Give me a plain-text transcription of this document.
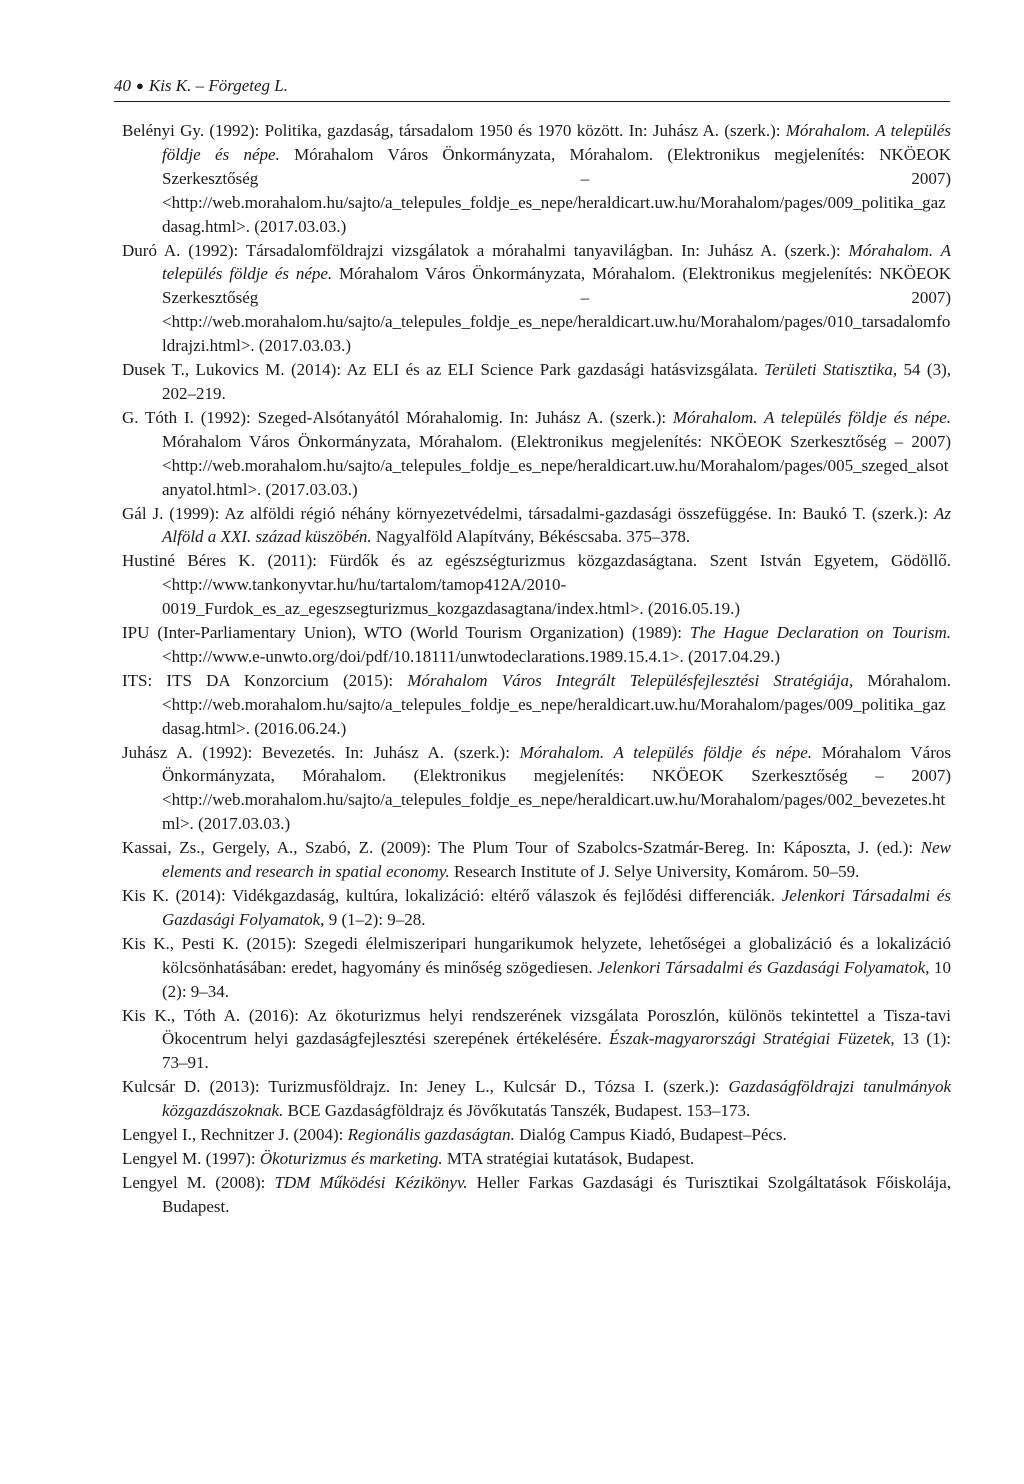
40 ● Kis K. – Förgeteg L.

Belényi Gy. (1992): Politika, gazdaság, társadalom 1950 és 1970 között. In: Juhász A. (szerk.): Mórahalom. A település földje és népe. Mórahalom Város Önkormányzata, Mórahalom. (Elektronikus megjelenítés: NKÖEOK Szerkesztőség – 2007) <http://web.morahalom.hu/sajto/a_telepules_foldje_es_nepe/heraldicart.uw.hu/Morahalom/pages/009_politika_gazdasag.html>. (2017.03.03.)

Duró A. (1992): Társadalomföldrajzi vizsgálatok a mórahalmi tanyavilágban. In: Juhász A. (szerk.): Mórahalom. A település földje és népe. Mórahalom Város Önkormányzata, Mórahalom. (Elektronikus megjelenítés: NKÖEOK Szerkesztőség – 2007) <http://web.morahalom.hu/sajto/a_telepules_foldje_es_nepe/heraldicart.uw.hu/Morahalom/pages/010_tarsadalomfoldrajzi.html>. (2017.03.03.)

Dusek T., Lukovics M. (2014): Az ELI és az ELI Science Park gazdasági hatásvizsgálata. Területi Statisztika, 54 (3), 202–219.

G. Tóth I. (1992): Szeged-Alsótanyától Mórahalomig. In: Juhász A. (szerk.): Mórahalom. A település földje és népe. Mórahalom Város Önkormányzata, Mórahalom. (Elektronikus megjelenítés: NKÖEOK Szerkesztőség – 2007) <http://web.morahalom.hu/sajto/a_telepules_foldje_es_nepe/heraldicart.uw.hu/Morahalom/pages/005_szeged_alsotanyatol.html>. (2017.03.03.)

Gál J. (1999): Az alföldi régió néhány környezetvédelmi, társadalmi-gazdasági összefüggése. In: Baukó T. (szerk.): Az Alföld a XXI. század küszöbén. Nagyalföld Alapítvány, Békéscsaba. 375–378.

Hustiné Béres K. (2011): Fürdők és az egészségturizmus közgazdaságtana. Szent István Egyetem, Gödöllő. <http://www.tankonyvtar.hu/hu/tartalom/tamop412A/2010-0019_Furdok_es_az_egeszsegturizmus_kozgazdasagtana/index.html>. (2016.05.19.)

IPU (Inter-Parliamentary Union), WTO (World Tourism Organization) (1989): The Hague Declaration on Tourism. <http://www.e-unwto.org/doi/pdf/10.18111/unwtodeclarations.1989.15.4.1>. (2017.04.29.)

ITS: ITS DA Konzorcium (2015): Mórahalom Város Integrált Településfejlesztési Stratégiája, Mórahalom. <http://web.morahalom.hu/sajto/a_telepules_foldje_es_nepe/heraldicart.uw.hu/Morahalom/pages/009_politika_gazdasag.html>. (2016.06.24.)

Juhász A. (1992): Bevezetés. In: Juhász A. (szerk.): Mórahalom. A település földje és népe. Mórahalom Város Önkormányzata, Mórahalom. (Elektronikus megjelenítés: NKÖEOK Szerkesztőség – 2007) <http://web.morahalom.hu/sajto/a_telepules_foldje_es_nepe/heraldicart.uw.hu/Morahalom/pages/002_bevezetes.html>. (2017.03.03.)

Kassai, Zs., Gergely, A., Szabó, Z. (2009): The Plum Tour of Szabolcs-Szatmár-Bereg. In: Káposzta, J. (ed.): New elements and research in spatial economy. Research Institute of J. Selye University, Komárom. 50–59.

Kis K. (2014): Vidékgazdaság, kultúra, lokalizáció: eltérő válaszok és fejlődési differenciák. Jelenkori Társadalmi és Gazdasági Folyamatok, 9 (1–2): 9–28.

Kis K., Pesti K. (2015): Szegedi élelmiszeripari hungarikumok helyzete, lehetőségei a globalizáció és a lokalizáció kölcsönhatásában: eredet, hagyomány és minőség szögediesen. Jelenkori Társadalmi és Gazdasági Folyamatok, 10 (2): 9–34.

Kis K., Tóth A. (2016): Az ökoturizmus helyi rendszerének vizsgálata Poroszlón, különös tekintettel a Tisza-tavi Ökocentrum helyi gazdaságfejlesztési szerepének értékelésére. Észak-magyarországi Stratégiai Füzetek, 13 (1): 73–91.

Kulcsár D. (2013): Turizmusföldrajz. In: Jeney L., Kulcsár D., Tózsa I. (szerk.): Gazdaságföldrajzi tanulmányok közgazdászoknak. BCE Gazdaságföldrajz és Jövőkutatás Tanszék, Budapest. 153–173.

Lengyel I., Rechnitzer J. (2004): Regionális gazdaságtan. Dialóg Campus Kiadó, Budapest–Pécs.

Lengyel M. (1997): Ökoturizmus és marketing. MTA stratégiai kutatások, Budapest.

Lengyel M. (2008): TDM Működési Kézikönyv. Heller Farkas Gazdasági és Turisztikai Szolgáltatások Főiskolája, Budapest.
